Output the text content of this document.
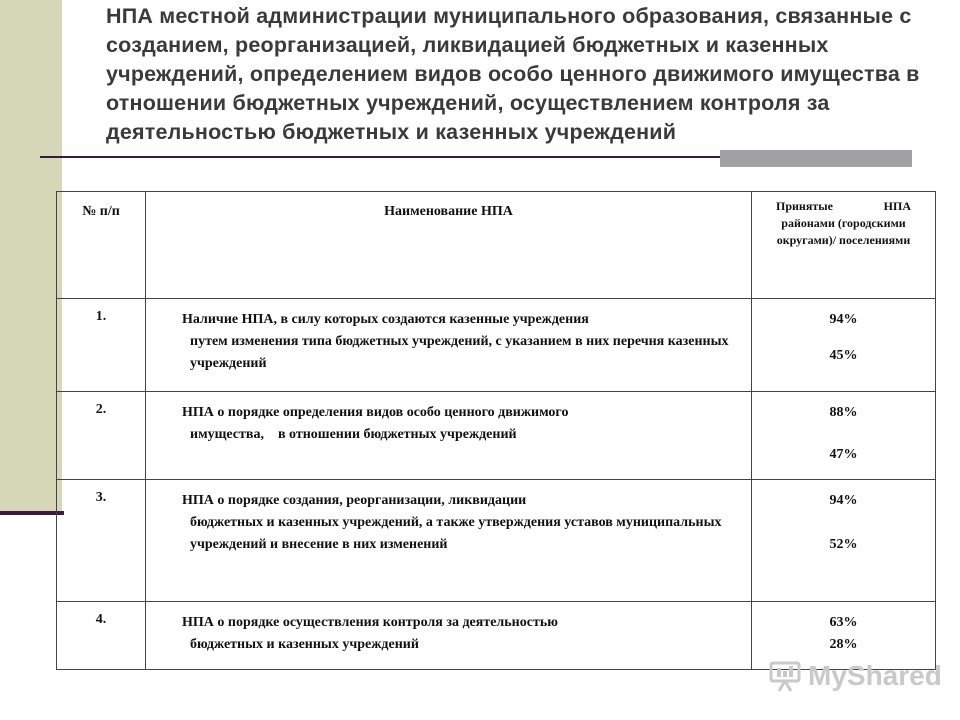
НПА местной администрации муниципального образования, связанные с созданием, реорганизацией, ликвидацией бюджетных и казенных учреждений, определением видов особо ценного движимого имущества в отношении бюджетных учреждений, осуществлением контроля за деятельностью бюджетных и казенных учреждений
№ п/п	Наименование НПА	Принятые НПА
районами (городскими округами)/ поселениями

1.	Наличие НПА, в силу которых создаются казенные учреждения
путем изменения типа бюджетных учреждений, с указанием в них перечня казенных учреждений	94%
45%

2.	НПА о порядке определения видов особо ценного движимого
имущества,    в отношении бюджетных учреждений	88%
47%

3.	НПА о порядке создания, реорганизации, ликвидации
бюджетных и казенных учреждений, а также утверждения уставов муниципальных учреждений и внесение в них изменений	94%
52%

4.	НПА о порядке осуществления контроля за деятельностью
бюджетных и казенных учреждений	63%
28%
MyShared
